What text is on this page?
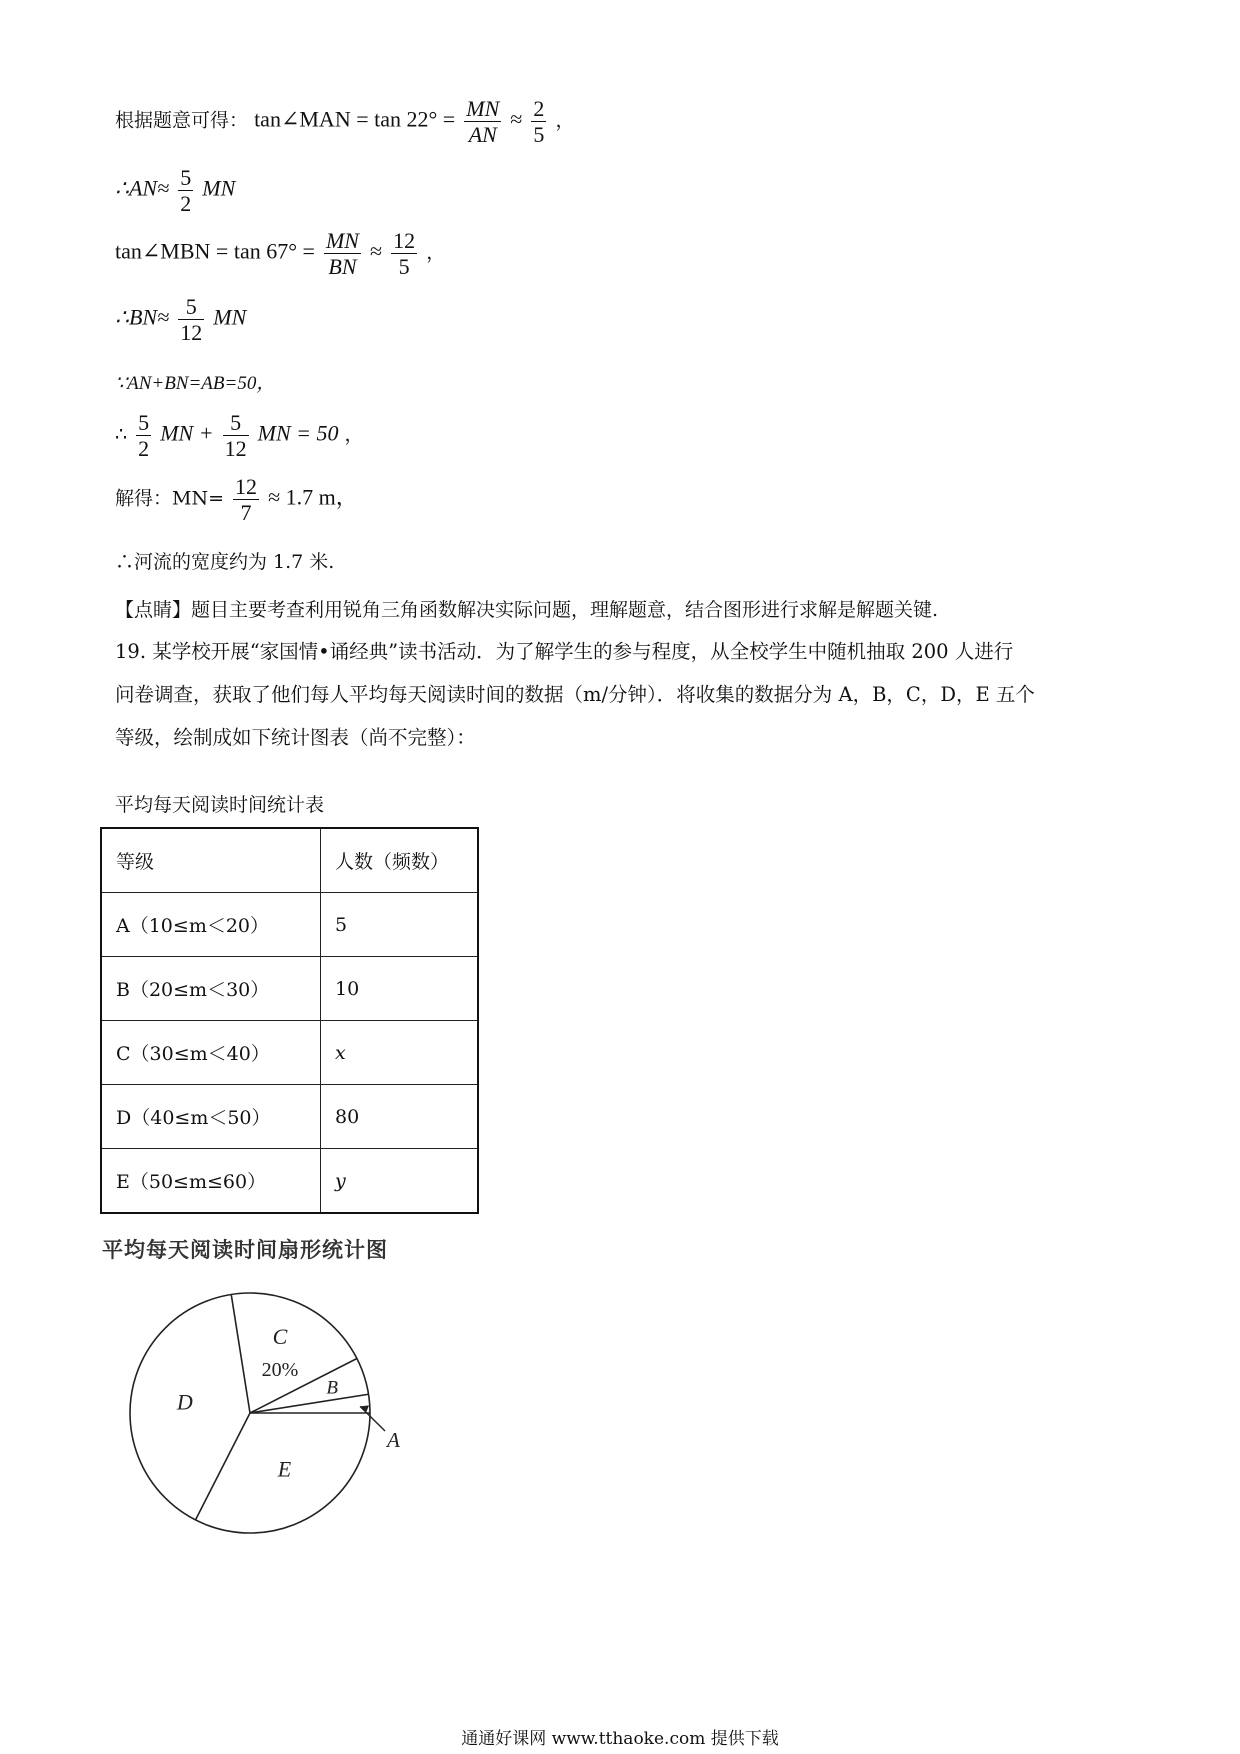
根据题意可得： tan∠MAN = $\tan 22^\circ = \frac{MN}{AN} \approx \frac{2}{5}$ ，
∴AN≈ $\frac{5}{2}$ MN
tan∠MBN = $\tan 67^\circ = \frac{MN}{BN} \approx \frac{12}{5}$ ，
∴BN≈ $\frac{5}{12}$ MN
∵AN+BN=AB=50，
∴ $\frac{5}{2}$ MN + $\frac{5}{12}$ MN = 50 ，
解得：$MN= \frac{12}{7} \approx 1.7$ m，
∴河流的宽度约为 1.7 米.
【点睛】题目主要考查利用锐角三角函数解决实际问题，理解题意，结合图形进行求解是解题关键.
19. 某学校开展“家国情•诵经典”读书活动．为了解学生的参与程度，从全校学生中随机抽取 200 人进行
问卷调查，获取了他们每人平均每天阅读时间的数据（m/分钟）．将收集的数据分为 A，B，C，D，E 五个
等级，绘制成如下统计图表（尚不完整）：
平均每天阅读时间统计表
等级	人数（频数）
A（10≤m＜20）	5
B（20≤m＜30）	10
C（30≤m＜40）	x
D（40≤m＜50）	80
E（50≤m≤60）	y
平均每天阅读时间扇形统计图
A
B
C
20%
D
E
通通好课网 www.tthaoke.com 提供下载
